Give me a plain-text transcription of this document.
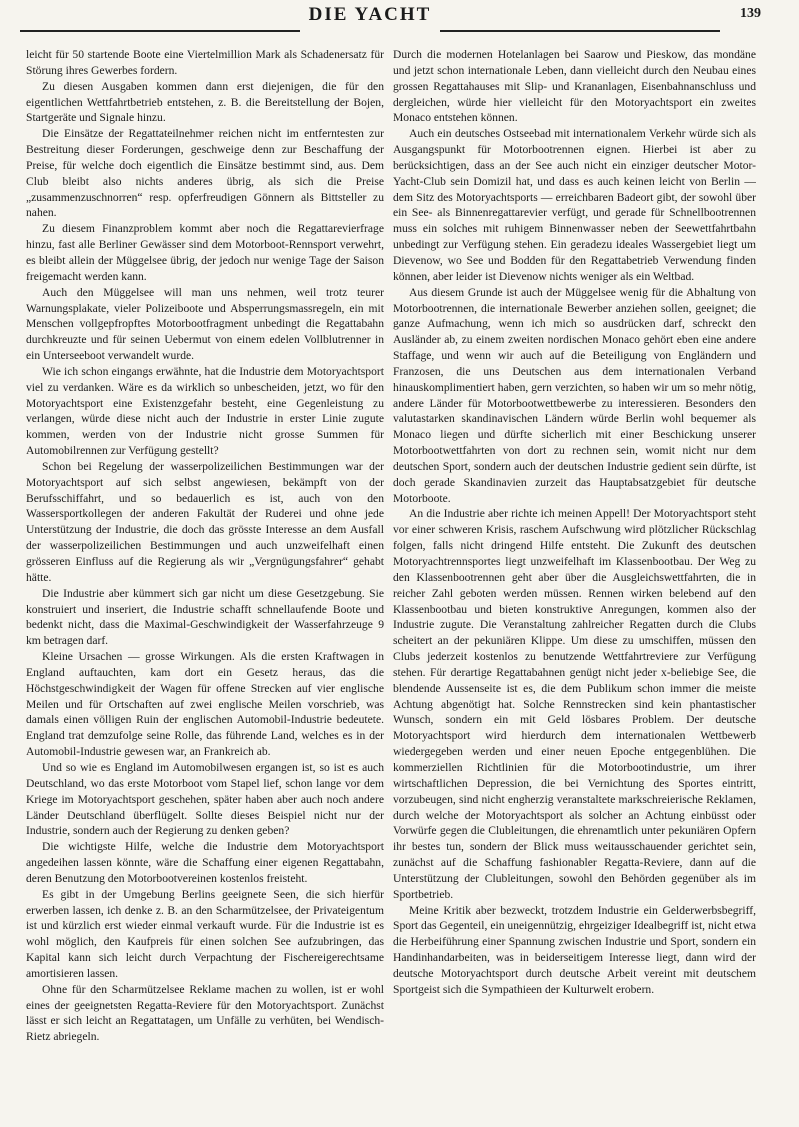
DIE YACHT	139

leicht für 50 startende Boote eine Viertelmillion Mark als Schadenersatz für Störung ihres Gewerbes fordern.

Zu diesen Ausgaben kommen dann erst diejenigen, die für den eigentlichen Wettfahrtbetrieb entstehen, z. B. die Bereitstellung der Bojen, Startgeräte und Signale hinzu.

Die Einsätze der Regattateilnehmer reichen nicht im entferntesten zur Bestreitung dieser Forderungen, geschweige denn zur Beschaffung der Preise, für welche doch eigentlich die Einsätze bestimmt sind, aus. Dem Club bleibt also nichts anderes übrig, als sich die Preise „zusammenzuschnorren“ resp. opferfreudigen Gönnern als Bittsteller zu nahen.

Zu diesem Finanzproblem kommt aber noch die Regattarevierfrage hinzu, fast alle Berliner Gewässer sind dem Motorboot-Rennsport verwehrt, es bleibt allein der Müggelsee übrig, der jedoch nur wenige Tage der Saison freigemacht werden kann.

Auch den Müggelsee will man uns nehmen, weil trotz teurer Warnungsplakate, vieler Polizeiboote und Absperrungsmassregeln, ein mit Menschen vollgepfropftes Motorbootfragment unbedingt die Regattabahn durchkreuzte und für seinen Uebermut von einem edelen Vollblutrenner in ein Unterseeboot verwandelt wurde.

Wie ich schon eingangs erwähnte, hat die Industrie dem Motoryachtsport viel zu verdanken. Wäre es da wirklich so unbescheiden, jetzt, wo für den Motoryachtsport eine Existenzgefahr besteht, eine Gegenleistung zu verlangen, würde diese nicht auch der Industrie in erster Linie zugute kommen, werden von der Industrie nicht grosse Summen für Automobilrennen zur Verfügung gestellt?

Schon bei Regelung der wasserpolizeilichen Bestimmungen war der Motoryachtsport auf sich selbst angewiesen, bekämpft von der Berufsschiffahrt, und so bedauerlich es ist, auch von den Wassersportkollegen der anderen Fakultät der Ruderei und ohne jede Unterstützung der Industrie, die doch das grösste Interesse an dem Ausfall der wasserpolizeilichen Bestimmungen und auch unzweifelhaft einen grösseren Einfluss auf die Regierung als wir „Vergnügungsfahrer“ gehabt hätte.

Die Industrie aber kümmert sich gar nicht um diese Gesetzgebung. Sie konstruiert und inseriert, die Industrie schafft schnellaufende Boote und bedenkt nicht, dass die Maximal-Geschwindigkeit der Wasserfahrzeuge 9 km betragen darf.

Kleine Ursachen — grosse Wirkungen. Als die ersten Kraftwagen in England auftauchten, kam dort ein Gesetz heraus, das die Höchstgeschwindigkeit der Wagen für offene Strecken auf vier englische Meilen und für Ortschaften auf zwei englische Meilen vorschrieb, was damals einen völligen Ruin der englischen Automobil-Industrie bedeutete. England trat demzufolge seine Rolle, das führende Land, welches es in der Automobil-Industrie gewesen war, an Frankreich ab.

Und so wie es England im Automobilwesen ergangen ist, so ist es auch Deutschland, wo das erste Motorboot vom Stapel lief, schon lange vor dem Kriege im Motoryachtsport geschehen, später haben aber auch noch andere Länder Deutschland überflügelt. Sollte dieses Beispiel nicht nur der Industrie, sondern auch der Regierung zu denken geben?

Die wichtigste Hilfe, welche die Industrie dem Motoryachtsport angedeihen lassen könnte, wäre die Schaffung einer eigenen Regattabahn, deren Benutzung den Motorbootvereinen kostenlos freisteht.

Es gibt in der Umgebung Berlins geeignete Seen, die sich hierfür erwerben lassen, ich denke z. B. an den Scharmützelsee, der Privateigentum ist und kürzlich erst wieder einmal verkauft wurde. Für die Industrie ist es wohl möglich, den Kaufpreis für einen solchen See aufzubringen, das Kapital kann sich leicht durch Verpachtung der Fischereigerechtsame amortisieren lassen.

Ohne für den Scharmützelsee Reklame machen zu wollen, ist er wohl eines der geeignetsten Regatta-Reviere für den Motoryachtsport. Zunächst lässt er sich leicht an Regattatagen, um Unfälle zu verhüten, bei Wendisch-Rietz abriegeln.

Durch die modernen Hotelanlagen bei Saarow und Pieskow, das mondäne und jetzt schon internationale Leben, dann vielleicht durch den Neubau eines grossen Regattahauses mit Slip- und Krananlagen, Eisenbahnanschluss und dergleichen, würde hier vielleicht für den Motoryachtsport ein zweites Monaco entstehen können.

Auch ein deutsches Ostseebad mit internationalem Verkehr würde sich als Ausgangspunkt für Motorbootrennen eignen. Hierbei ist aber zu berücksichtigen, dass an der See auch nicht ein einziger deutscher Motor-Yacht-Club sein Domizil hat, und dass es auch keinen leicht von Berlin — dem Sitz des Motoryachtsports — erreichbaren Badeort gibt, der sowohl über ein See- als Binnenregattarevier verfügt, und gerade für Schnellbootrennen muss ein solches mit ruhigem Binnenwasser neben der Seewettfahrtbahn unbedingt zur Verfügung stehen. Ein geradezu ideales Wassergebiet liegt um Dievenow, wo See und Bodden für den Regattabetrieb Verwendung finden können, aber leider ist Dievenow nichts weniger als ein Weltbad.

Aus diesem Grunde ist auch der Müggelsee wenig für die Abhaltung von Motorbootrennen, die internationale Bewerber anziehen sollen, geeignet; die ganze Aufmachung, wenn ich mich so ausdrücken darf, schreckt den Ausländer ab, zu einem zweiten nordischen Monaco gehört eben eine andere Staffage, und wenn wir auch auf die Beteiligung von Engländern und Franzosen, die uns Deutschen aus dem internationalen Verband hinauskomplimentiert haben, gern verzichten, so haben wir um so mehr nötig, andere Länder für Motorbootwettbewerbe zu interessieren. Besonders den valutastarken skandinavischen Ländern würde Berlin wohl bequemer als Monaco liegen und dürfte sicherlich mit einer Beschickung unserer Motorbootwettfahrten von dort zu rechnen sein, womit nicht nur dem deutschen Sport, sondern auch der deutschen Industrie gedient sein dürfte, ist doch gerade Skandinavien zurzeit das Hauptabsatzgebiet für deutsche Motorboote.

An die Industrie aber richte ich meinen Appell! Der Motoryachtsport steht vor einer schweren Krisis, raschem Aufschwung wird plötzlicher Rückschlag folgen, falls nicht dringend Hilfe entsteht. Die Zukunft des deutschen Motoryachtrennsportes liegt unzweifelhaft im Klassenbootbau. Der Weg zu den Klassenbootrennen geht aber über die Ausgleichswettfahrten, die in reicher Zahl geboten werden müssen. Rennen wirken belebend auf den Klassenbootbau und bieten konstruktive Anregungen, kommen also der Industrie zugute. Die Veranstaltung zahlreicher Regatten durch die Clubs scheitert an der pekuniären Klippe. Um diese zu umschiffen, müssen den Clubs jederzeit kostenlos zu benutzende Wettfahrtreviere zur Verfügung stehen. Für derartige Regattabahnen genügt nicht jeder x-beliebige See, die blendende Aussenseite ist es, die dem Publikum schon immer die meiste Achtung abgenötigt hat. Solche Rennstrecken sind kein phantastischer Wunsch, sondern ein mit Geld lösbares Problem. Der deutsche Motoryachtsport wird hierdurch dem internationalen Wettbewerb wiedergegeben werden und einer neuen Epoche entgegenblühen. Die kommerziellen Richtlinien für die Motorbootindustrie, um ihrer wirtschaftlichen Depression, die bei Vernichtung des Sportes eintritt, vorzubeugen, sind nicht engherzig veranstaltete markschreierische Reklamen, durch welche der Motoryachtsport als solcher an Achtung einbüsst oder Vorwürfe gegen die Clubleitungen, die ehrenamtlich unter pekuniären Opfern ihr bestes tun, sondern der Blick muss weitausschauender gerichtet sein, zunächst auf die Schaffung fashionabler Regatta-Reviere, dann auf die Unterstützung der Clubleitungen, sowohl den Behörden gegenüber als im Sportbetrieb.

Meine Kritik aber bezweckt, trotzdem Industrie ein Gelderwerbsbegriff, Sport das Gegenteil, ein uneigennützig, ehrgeiziger Idealbegriff ist, nicht etwa die Herbeiführung einer Spannung zwischen Industrie und Sport, sondern ein Handinhandarbeiten, was in beiderseitigem Interesse liegt, dann wird der deutsche Motoryachtsport durch deutsche Arbeit vereint mit deutschem Sportgeist sich die Sympathieen der Kulturwelt erobern.
